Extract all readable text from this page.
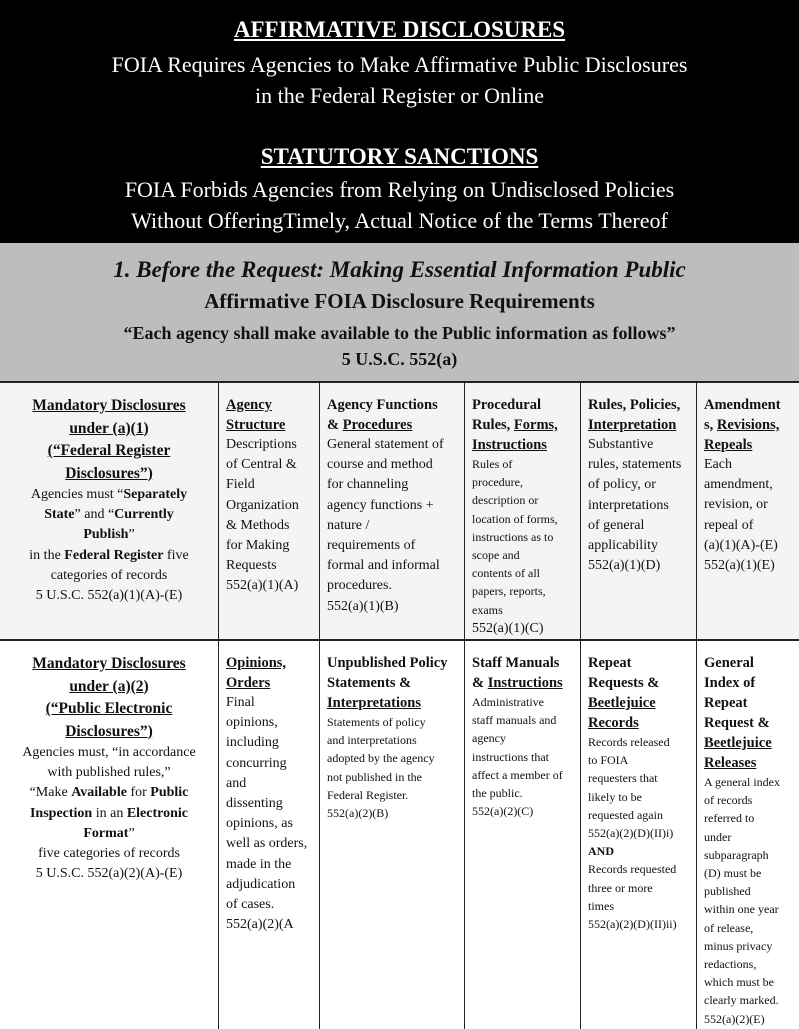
AFFIRMATIVE DISCLOSURES
FOIA Requires Agencies to Make Affirmative Public Disclosures
in the Federal Register or Online
STATUTORY SANCTIONS
FOIA Forbids Agencies from Relying on Undisclosed Policies
Without OfferingTimely, Actual Notice of the Terms Thereof
1. Before the Request: Making Essential Information Public
Affirmative FOIA Disclosure Requirements
“Each agency shall make available to the Public information as follows”
5 U.S.C. 552(a)
Mandatory Disclosures
under (a)(1)
(“Federal Register
Disclosures”)
Agencies must “Separately
State” and “Currently
Publish”
in the Federal Register five
categories of records
5 U.S.C. 552(a)(1)(A)-(E)
Agency
Structure
Descriptions
of Central &
Field
Organization
& Methods
for Making
Requests
552(a)(1)(A)
Agency Functions
& Procedures
General statement of
course and method
for channeling
agency functions +
nature /
requirements of
formal and informal
procedures.
552(a)(1)(B)
Procedural
Rules, Forms,
Instructions
Rules of
procedure,
description or
location of forms,
instructions as to
scope and
contents of all
papers, reports,
exams
552(a)(1)(C)
Rules, Policies,
Interpretation
Substantive
rules, statements
of policy, or
interpretations
of general
applicability
552(a)(1)(D)
Amendment
s, Revisions,
Repeals
Each
amendment,
revision, or
repeal of
(a)(1)(A)-(E)
552(a)(1)(E)
Mandatory Disclosures
under (a)(2)
(“Public Electronic
Disclosures”)
Agencies must, “in accordance
with published rules,”
“Make Available for Public
Inspection in an Electronic
Format”
five categories of records
5 U.S.C. 552(a)(2)(A)-(E)
Opinions,
Orders
Final
opinions,
including
concurring
and
dissenting
opinions, as
well as orders,
made in the
adjudication
of cases.
552(a)(2)(A
Unpublished Policy
Statements &
Interpretations
Statements of policy
and interpretations
adopted by the agency
not published in the
Federal Register.
552(a)(2)(B)
Staff Manuals
& Instructions
Administrative
staff manuals and
agency
instructions that
affect a member of
the public.
552(a)(2)(C)
Repeat
Requests &
Beetlejuice
Records
Records released
to FOIA
requesters that
likely to be
requested again
552(a)(2)(D)(II)i)
AND
Records requested
three or more
times
552(a)(2)(D)(II)ii)
General
Index of
Repeat
Request &
Beetlejuice
Releases
A general index
of records
referred to
under
subparagraph
(D) must be
published
within one year
of release,
minus privacy
redactions,
which must be
clearly marked.
552(a)(2)(E)
